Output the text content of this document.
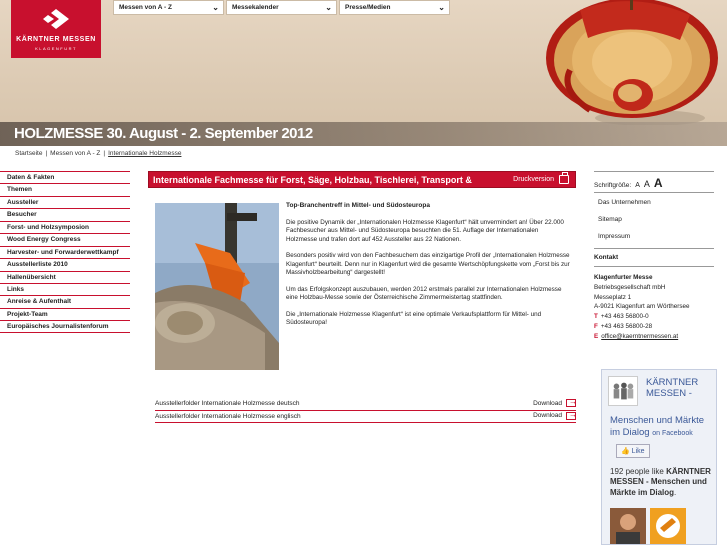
KÄRNTNER MESSEN
KLAGENFURT
Messen von A - Z	⌄	Messekalender	⌄	Presse/Medien	⌄
HOLZMESSE 30. August - 2. September 2012
Startseite | Messen von A - Z | Internationale Holzmesse
Daten & Fakten
Themen
Aussteller
Besucher
Forst- und Holzsymposion
Wood Energy Congress
Harvester- und Forwarderwettkampf
Ausstellerliste 2010
Hallenübersicht
Links
Anreise & Aufenthalt
Projekt-Team
Europäisches Journalistenforum
Internationale Fachmesse für Forst, Säge, Holzbau, Tischlerei, Transport &	Druckversion
Top-Branchentreff in Mittel- und Südosteuropa

Die positive Dynamik der „Internationalen Holzmesse Klagenfurt“ hält unvermindert an! Über 22.000 Fachbesucher aus Mittel- und Südosteuropa besuchten die 51. Auflage der Internationalen Holzmesse und trafen dort auf 452 Aussteller aus 22 Nationen.

Besonders positiv wird von den Fachbesuchern das einzigartige Profil der „Internationalen Holzmesse Klagenfurt“ beurteilt. Denn nur in Klagenfurt wird die gesamte Wertschöpfungskette vom „Forst bis zur Massivholzbearbeitung“ dargestellt!

Um das Erfolgskonzept auszubauen, werden 2012 erstmals parallel zur Internationalen Holzmesse eine Holzbau-Messe sowie der Österreichische Zimmermeistertag stattfinden.

Die „Internationale Holzmesse Klagenfurt“ ist eine optimale Verkaufsplattform für Mittel- und Südosteuropa!

Ausstellerfolder Internationale Holzmesse deutsch	Download
→
Ausstellerfolder Internationale Holzmesse englisch	Download
→
Schriftgröße: A A A
Das Unternehmen
Sitemap
Impressum
Kontakt
Klagenfurter Messe
Betriebsgesellschaft mbH
Messeplatz 1
A-9021 Klagenfurt am Wörthersee
T +43 463 56800-0
F +43 463 56800-28
E office@kaerntnermessen.at
KÄRNTNER MESSEN -
Menschen und Märkte im Dialog on Facebook
👍 Like
192 people like KÄRNTNER MESSEN - Menschen und Märkte im Dialog.
